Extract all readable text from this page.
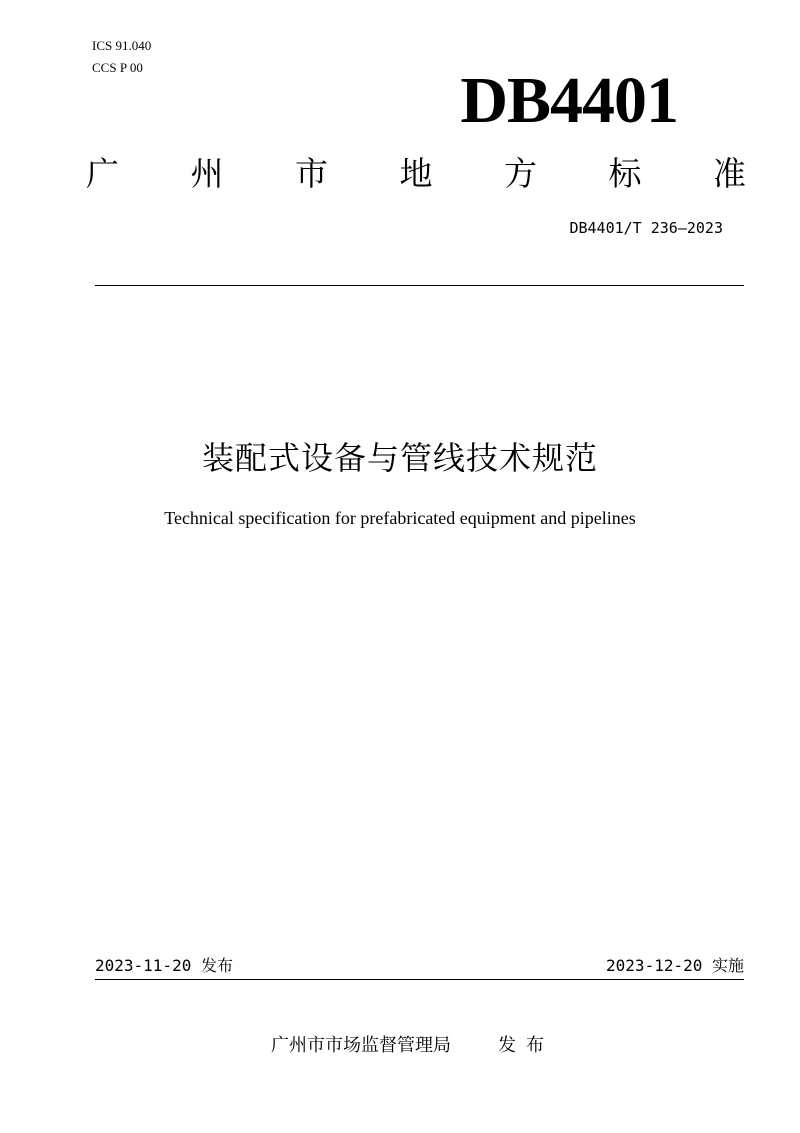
ICS 91.040
CCS P 00	DB4401
广 州 市 地 方 标 准
DB4401/T 236—2023
装配式设备与管线技术规范
Technical specification for prefabricated equipment and pipelines
2023-11-20 发布	2023-12-20 实施
广州市市场监督管理局	发布
